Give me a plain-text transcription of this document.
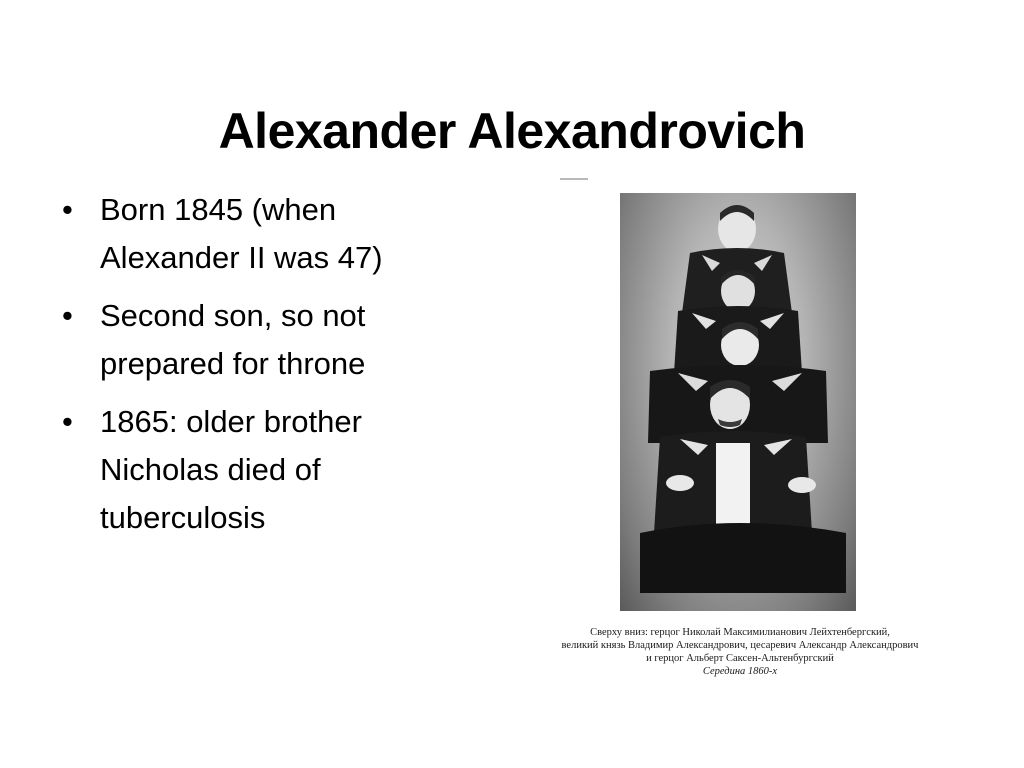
Alexander Alexandrovich
• Born 1845 (when Alexander II was 47)
• Second son, so not prepared for throne
• 1865: older brother Nicholas died of tuberculosis
Сверху вниз: герцог Николай Максимилианович Лейхтенбергский,
великий князь Владимир Александрович, цесаревич Александр Александрович
и герцог Альберт Саксен-Альтенбургский
Середина 1860-х
